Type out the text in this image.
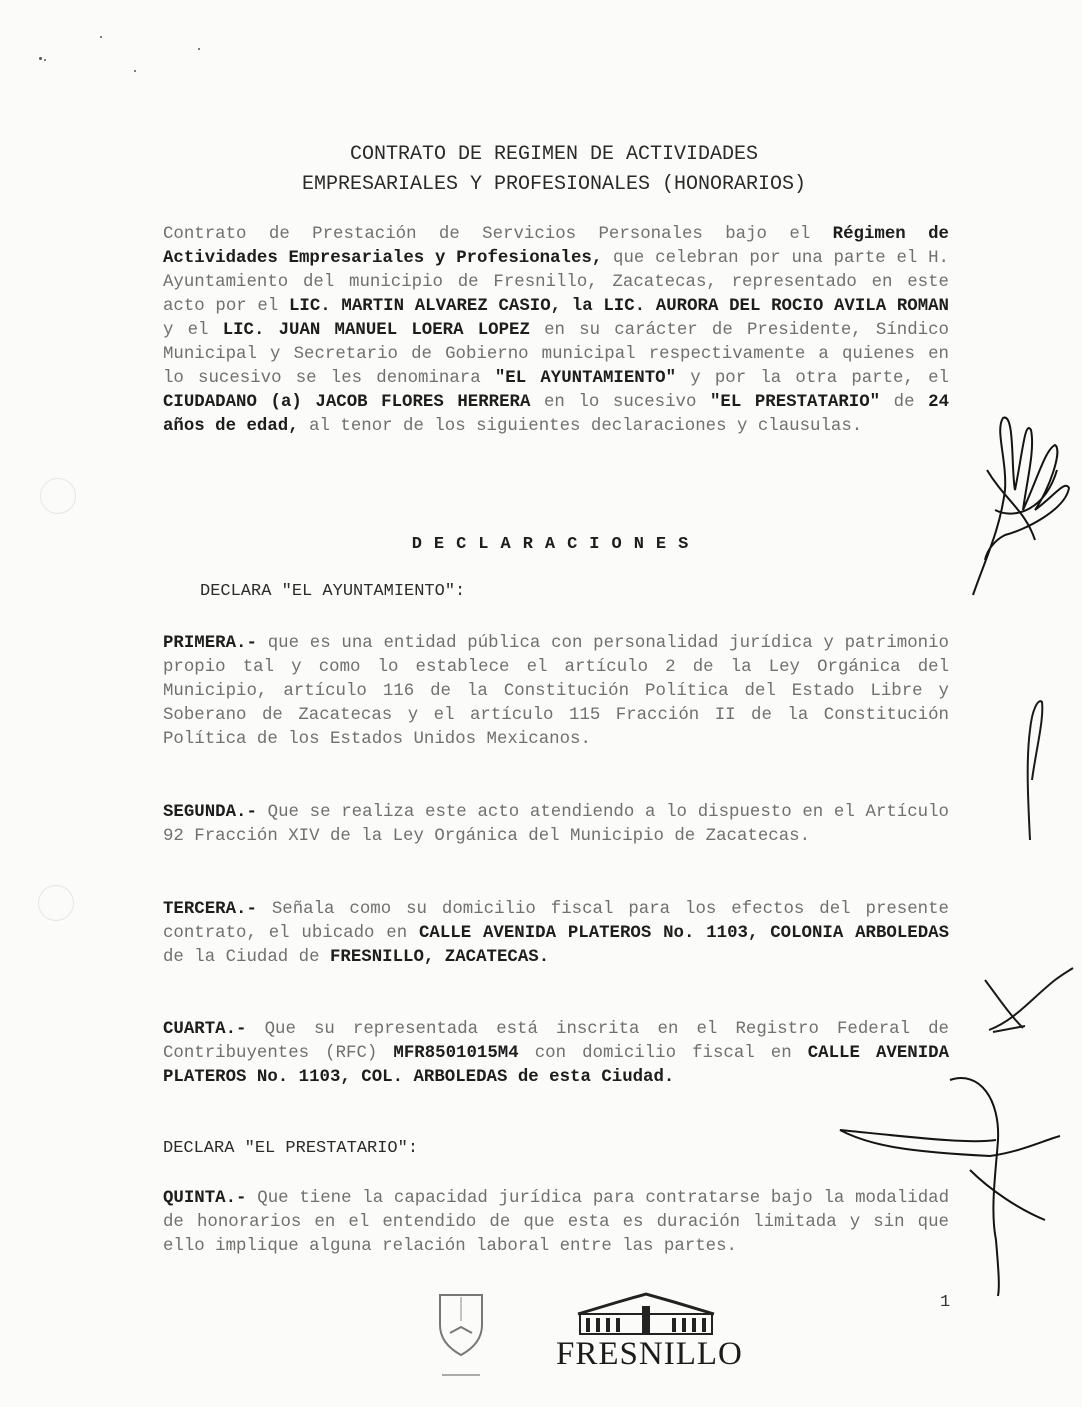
CONTRATO DE REGIMEN DE ACTIVIDADES
EMPRESARIALES Y PROFESIONALES (HONORARIOS)
Contrato de Prestación de Servicios Personales bajo el Régimen de Actividades Empresariales y Profesionales, que celebran por una parte el H. Ayuntamiento del municipio de Fresnillo, Zacatecas, representado en este acto por el LIC. MARTIN ALVAREZ CASIO, la LIC. AURORA DEL ROCIO AVILA ROMAN y el LIC. JUAN MANUEL LOERA LOPEZ en su carácter de Presidente, Síndico Municipal y Secretario de Gobierno municipal respectivamente a quienes en lo sucesivo se les denominara "EL AYUNTAMIENTO" y por la otra parte, el CIUDADANO (a) JACOB FLORES HERRERA en lo sucesivo "EL PRESTATARIO" de 24 años de edad, al tenor de los siguientes declaraciones y clausulas.
DECLARACIONES
DECLARA "EL AYUNTAMIENTO":
PRIMERA.- que es una entidad pública con personalidad jurídica y patrimonio propio tal y como lo establece el artículo 2 de la Ley Orgánica del Municipio, artículo 116 de la Constitución Política del Estado Libre y Soberano de Zacatecas y el artículo 115 Fracción II de la Constitución Política de los Estados Unidos Mexicanos.
SEGUNDA.- Que se realiza este acto atendiendo a lo dispuesto en el Artículo 92 Fracción XIV de la Ley Orgánica del Municipio de Zacatecas.
TERCERA.- Señala como su domicilio fiscal para los efectos del presente contrato, el ubicado en CALLE AVENIDA PLATEROS No. 1103, COLONIA ARBOLEDAS de la Ciudad de FRESNILLO, ZACATECAS.
CUARTA.- Que su representada está inscrita en el Registro Federal de Contribuyentes (RFC) MFR8501015M4 con domicilio fiscal en CALLE AVENIDA PLATEROS No. 1103, COL. ARBOLEDAS de esta Ciudad.
DECLARA "EL PRESTATARIO":
QUINTA.- Que tiene la capacidad jurídica para contratarse bajo la modalidad de honorarios en el entendido de que esta es duración limitada y sin que ello implique alguna relación laboral entre las partes.
1
FRESNILLO
